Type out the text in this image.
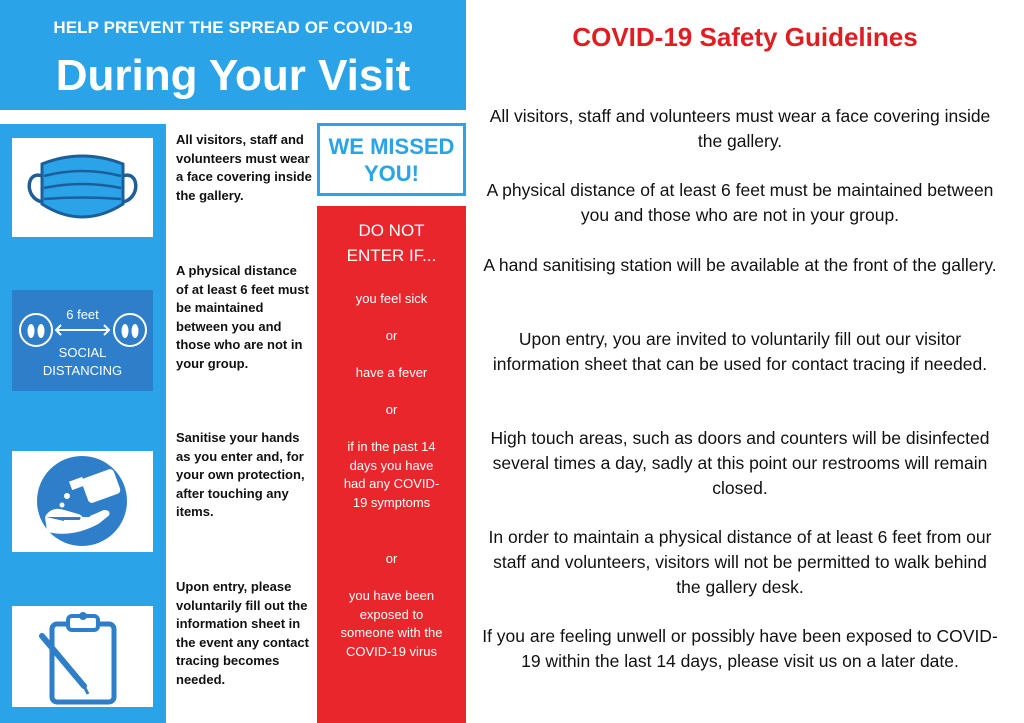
HELP PREVENT THE SPREAD OF COVID-19
During Your Visit
6 feet
SOCIAL
DISTANCING
All visitors, staff and volunteers must wear a face covering inside the gallery.
A physical distance of at least 6 feet must be maintained between you and those who are not in your group.
Sanitise your hands as you enter and, for your own protection, after touching any items.
Upon entry, please voluntarily fill out the information sheet in the event any contact tracing becomes needed.
WE MISSED
YOU!
DO NOT
ENTER IF...
you feel sick
or
have a fever
or
if in the past 14 days you have had any COVID-19 symptoms
or
you have been exposed to someone with the COVID-19 virus
COVID-19 Safety Guidelines
All visitors, staff and volunteers must wear a face covering inside the gallery.
A physical distance of at least 6 feet must be maintained between you and those who are not in your group.
A hand sanitising station will be available at the front of the gallery.
Upon entry, you are invited to voluntarily fill out our visitor information sheet that can be used for contact tracing if needed.
High touch areas, such as doors and counters will be disinfected several times a day, sadly at this point our restrooms will remain closed.
In order to maintain a physical distance of at least 6 feet from our staff and volunteers, visitors will not be permitted to walk behind the gallery desk.
If you are feeling unwell or possibly have been exposed to COVID-19 within the last 14 days, please visit us on a later date.
